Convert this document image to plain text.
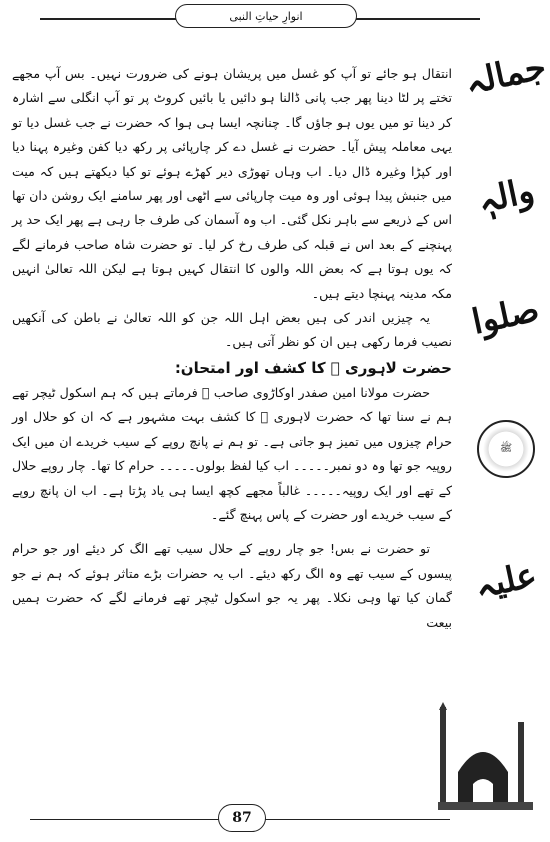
انوارِ حیاتِ النبی
جمالہ
والہٖ
صلوا
ﷺ
علیہ

انتقال ہو جائے تو آپ کو غسل میں پریشان ہونے کی ضرورت نہیں۔ بس آپ مجھے تختے پر لٹا دینا پھر جب پانی ڈالنا ہو دائیں یا بائیں کروٹ پر تو آپ انگلی سے اشارہ کر دینا تو میں یوں ہو جاؤں گا۔ چنانچہ ایسا ہی ہوا کہ حضرت نے جب غسل دیا تو یہی معاملہ پیش آیا۔ حضرت نے غسل دے کر چارپائی پر رکھ دیا کفن وغیرہ پہنا دیا اور کپڑا وغیرہ ڈال دیا۔ اب وہاں تھوڑی دیر کھڑے ہوئے تو کیا دیکھتے ہیں کہ میت میں جنبش پیدا ہوئی اور وہ میت چارپائی سے اٹھی اور پھر سامنے ایک روشن دان تھا اس کے ذریعے سے باہر نکل گئی۔ اب وہ آسمان کی طرف جا رہی ہے پھر ایک حد پر پہنچنے کے بعد اس نے قبلہ کی طرف رخ کر لیا۔ تو حضرت شاہ صاحب فرمانے لگے کہ یوں ہوتا ہے کہ بعض اللہ والوں کا انتقال کہیں ہوتا ہے لیکن اللہ تعالیٰ انہیں مکہ مدینہ پہنچا دیتے ہیں۔

یہ چیزیں اندر کی ہیں بعض اہل اللہ جن کو اللہ تعالیٰ نے باطن کی آنکھیں نصیب فرما رکھی ہیں ان کو نظر آتی ہیں۔

حضرت لاہوری ﷫ کا کشف اور امتحان:

حضرت مولانا امین صفدر اوکاڑوی صاحب ﷫ فرماتے ہیں کہ ہم اسکول ٹیچر تھے ہم نے سنا تھا کہ حضرت لاہوری ﷫ کا کشف بہت مشہور ہے کہ ان کو حلال اور حرام چیزوں میں تمیز ہو جاتی ہے۔ تو ہم نے پانچ روپے کے سیب خریدے ان میں ایک روپیہ جو تھا وہ دو نمبر۔۔۔۔۔ اب کیا لفظ بولوں۔۔۔۔۔ حرام کا تھا۔ چار روپے حلال کے تھے اور ایک روپیہ۔۔۔۔۔ غالباً مجھے کچھ ایسا ہی یاد پڑتا ہے۔ اب ان پانچ روپے کے سیب خریدے اور حضرت کے پاس پہنچ گئے۔

تو حضرت نے بس! جو چار روپے کے حلال سیب تھے الگ کر دیئے اور جو حرام پیسوں کے سیب تھے وہ الگ رکھ دیئے۔ اب یہ حضرات بڑے متاثر ہوئے کہ ہم نے جو گمان کیا تھا وہی نکلا۔ پھر یہ جو اسکول ٹیچر تھے فرمانے لگے کہ حضرت ہمیں بیعت

87
